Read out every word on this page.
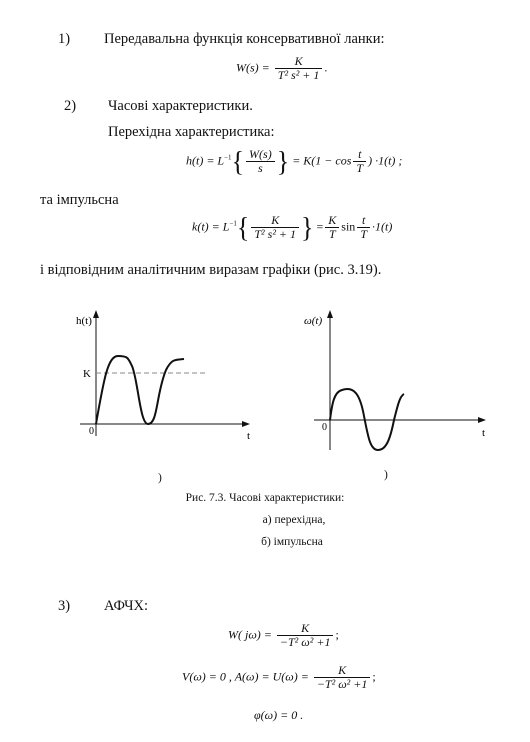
1) Передавальна функція консервативної ланки:
$W(s) = \frac{K}{\text{T² s² + 1}}$ .
2) Часові характеристики.
Перехідна характеристика:
$h(t) = L^{-1}\{ \frac{W(s)}{s}$ } = $K(1 - \cos \frac{t}{T}$ ) ·1(t) ;
та імпульсна
$k(t) = L^{-1}\{ \frac{K}{\text{T² s² + 1}}$ } = $\frac{K}{T}$ $\sin \frac{t}{T} \cdot 1(t)$
і відповідним аналітичним виразам графіки (рис. 3.19).
h(t)
K
0	t
)
ω(t)
0	t
)
Рис. 7.3. Часові характеристики:
а) перехідна,
б) імпульсна
3) АФЧХ:
W( $j\omega) = \frac{K}{\text{−T² ω² +1}}$ ;
V(ω) = 0 , $A(\omega) = U(\omega) = \frac{K}{\text{−T² ω² +1}}$ ;
φ(ω) = 0 .
